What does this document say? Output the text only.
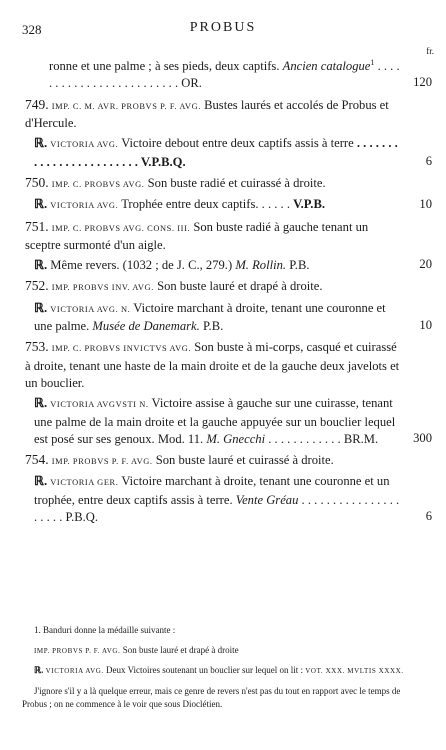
328	PROBUS
fr.
ronne et une palme ; à ses pieds, deux captifs. Ancien catalogue$^1$ . . . . . . . . . . . . . . . . . . . . . . . . . OR.	120
749. IMP. C. M. AVR. PROBVS P. F. AVG. Bustes laurés et accolés de Probus et d'Hercule.
ℝ. VICTORIA AVG. Victoire debout entre deux captifs assis à terre . . . . . . . . . . . . . . . . . . . . . . . . V.P.B.Q.	6
750. IMP. C. PROBVS AVG. Son buste radié et cuirassé à droite.
ℝ. VICTORIA AVG. Trophée entre deux captifs. . . . . . V.P.B.	10
751. IMP. C. PROBVS AVG. CONS. III. Son buste radié à gauche tenant un sceptre surmonté d'un aigle.
ℝ. Même revers. (1032 ; de J. C., 279.) M. Rollin. P.B.	20
752. IMP. PROBVS INV. AVG. Son buste lauré et drapé à droite.
ℝ. VICTORIA AVG. N. Victoire marchant à droite, tenant une couronne et une palme. Musée de Danemark. P.B.	10
753. IMP. C. PROBVS INVICTVS AVG. Son buste à mi-corps, casqué et cuirassé à droite, tenant une haste de la main droite et de la gauche deux javelots et un bouclier.
ℝ. VICTORIA AVGVSTI N. Victoire assise à gauche sur une cuirasse, tenant une palme de la main droite et la gauche appuyée sur un bouclier lequel est posé sur ses genoux. Mod. 11. M. Gnecchi . . . . . . . . . . . . BR.M.	300
754. IMP. PROBVS P. F. AVG. Son buste lauré et cuirassé à droite.
ℝ. VICTORIA GER. Victoire marchant à droite, tenant une couronne et un trophée, entre deux captifs assis à terre. Vente Gréau . . . . . . . . . . . . . . . . . . . . . P.B.Q.	6
1. Banduri donne la médaille suivante :
IMP. PROBVS P. F. AVG. Son buste lauré et drapé à droite
ℝ. VICTORIA AVG. Deux Victoires soutenant un bouclier sur lequel on lit : VOT. XXX. MVLTIS XXXX.
J'ignore s'il y a là quelque erreur, mais ce genre de revers n'est pas du tout en rapport avec le temps de Probus ; on ne commence à le voir que sous Dioclétien.
